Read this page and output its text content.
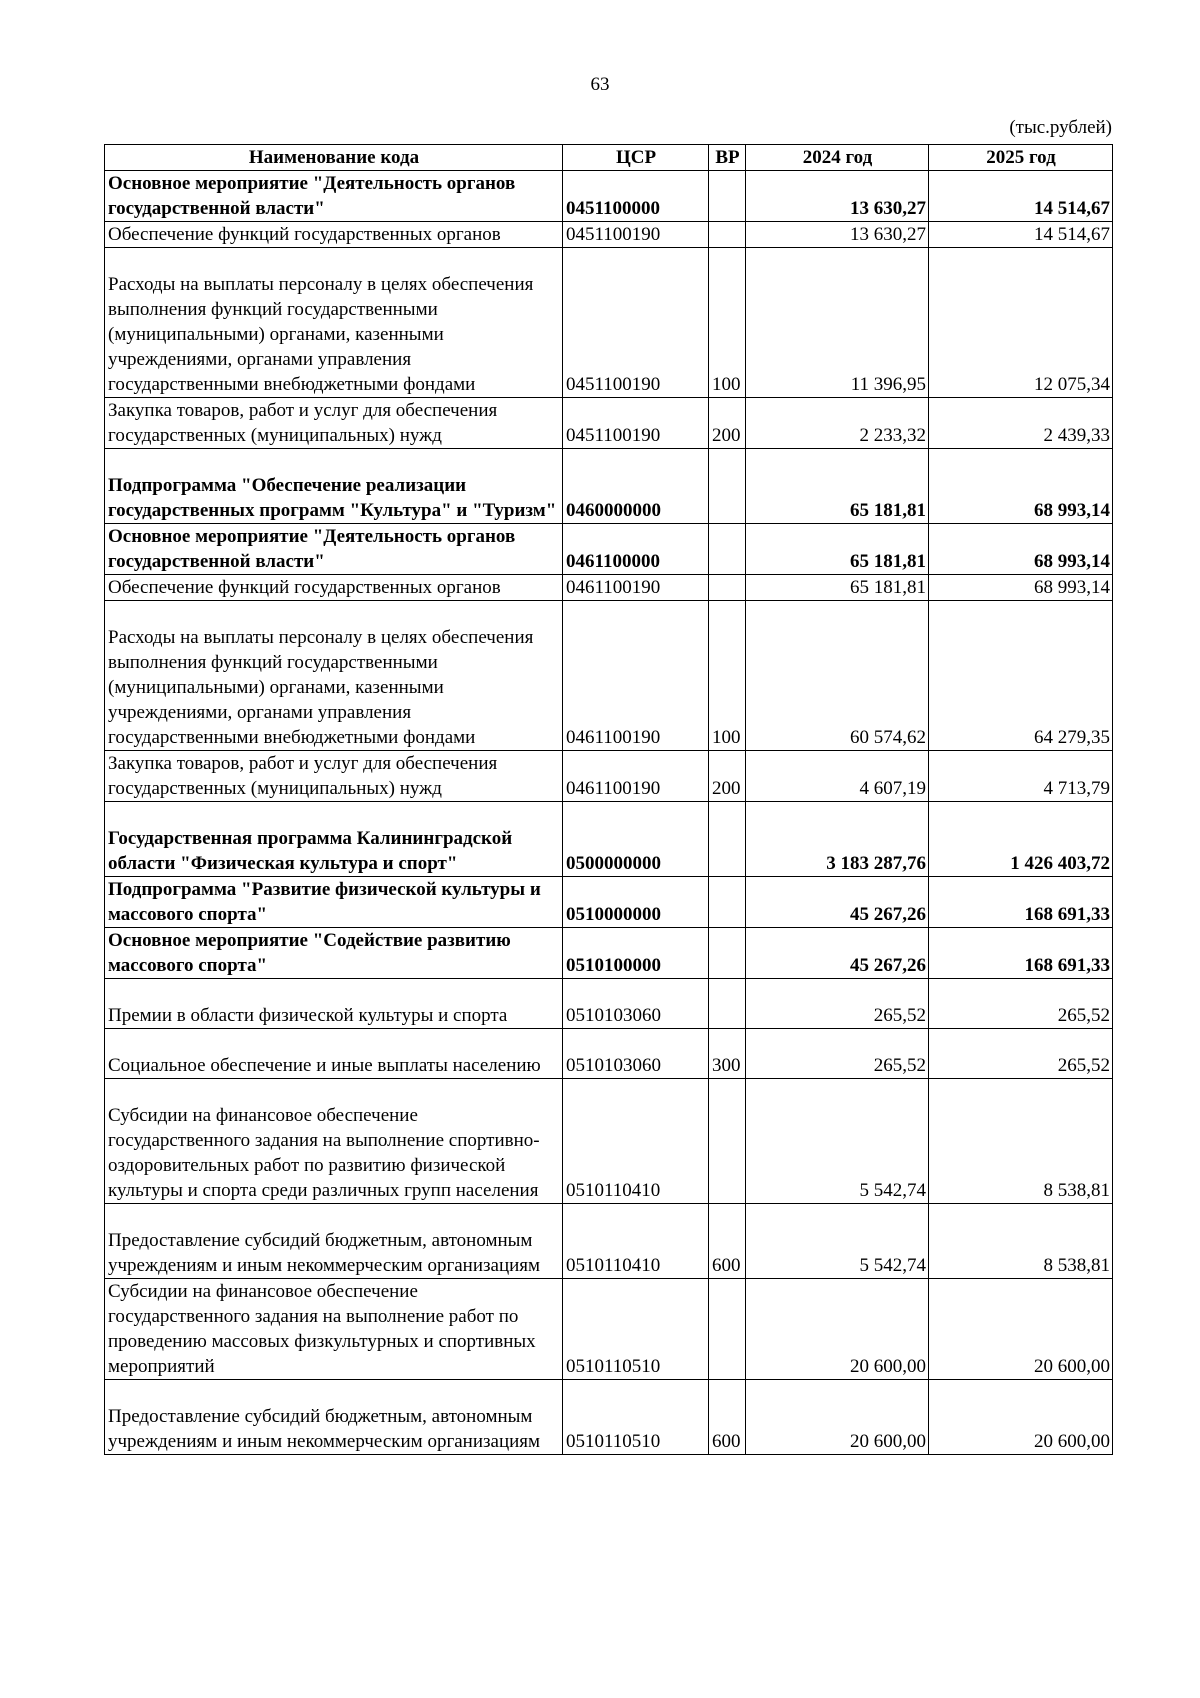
63
(тыс.рублей)
Наименование кода	ЦСР	ВР	2024 год	2025 год
Основное мероприятие "Деятельность органов государственной власти"	0451100000		13 630,27	14 514,67
Обеспечение функций государственных органов	0451100190		13 630,27	14 514,67
Расходы на выплаты персоналу в целях обеспечения выполнения функций государственными (муниципальными) органами, казенными учреждениями, органами управления государственными внебюджетными фондами	0451100190	100	11 396,95	12 075,34
Закупка товаров, работ и услуг для обеспечения государственных (муниципальных) нужд	0451100190	200	2 233,32	2 439,33
Подпрограмма "Обеспечение реализации государственных программ "Культура" и "Туризм"	0460000000		65 181,81	68 993,14
Основное мероприятие "Деятельность органов государственной власти"	0461100000		65 181,81	68 993,14
Обеспечение функций государственных органов	0461100190		65 181,81	68 993,14
Расходы на выплаты персоналу в целях обеспечения выполнения функций государственными (муниципальными) органами, казенными учреждениями, органами управления государственными внебюджетными фондами	0461100190	100	60 574,62	64 279,35
Закупка товаров, работ и услуг для обеспечения государственных (муниципальных) нужд	0461100190	200	4 607,19	4 713,79
Государственная программа Калининградской области "Физическая культура и спорт"	0500000000		3 183 287,76	1 426 403,72
Подпрограмма "Развитие физической культуры и массового спорта"	0510000000		45 267,26	168 691,33
Основное мероприятие "Содействие развитию массового спорта"	0510100000		45 267,26	168 691,33
Премии в области физической культуры и спорта	0510103060		265,52	265,52
Социальное обеспечение и иные выплаты населению	0510103060	300	265,52	265,52
Субсидии на финансовое обеспечение государственного задания на выполнение спортивно-оздоровительных работ по развитию физической культуры и спорта среди различных групп населения	0510110410		5 542,74	8 538,81
Предоставление субсидий бюджетным, автономным учреждениям и иным некоммерческим организациям	0510110410	600	5 542,74	8 538,81
Субсидии на финансовое обеспечение государственного задания на выполнение работ по проведению массовых физкультурных и спортивных мероприятий	0510110510		20 600,00	20 600,00
Предоставление субсидий бюджетным, автономным учреждениям и иным некоммерческим организациям	0510110510	600	20 600,00	20 600,00
